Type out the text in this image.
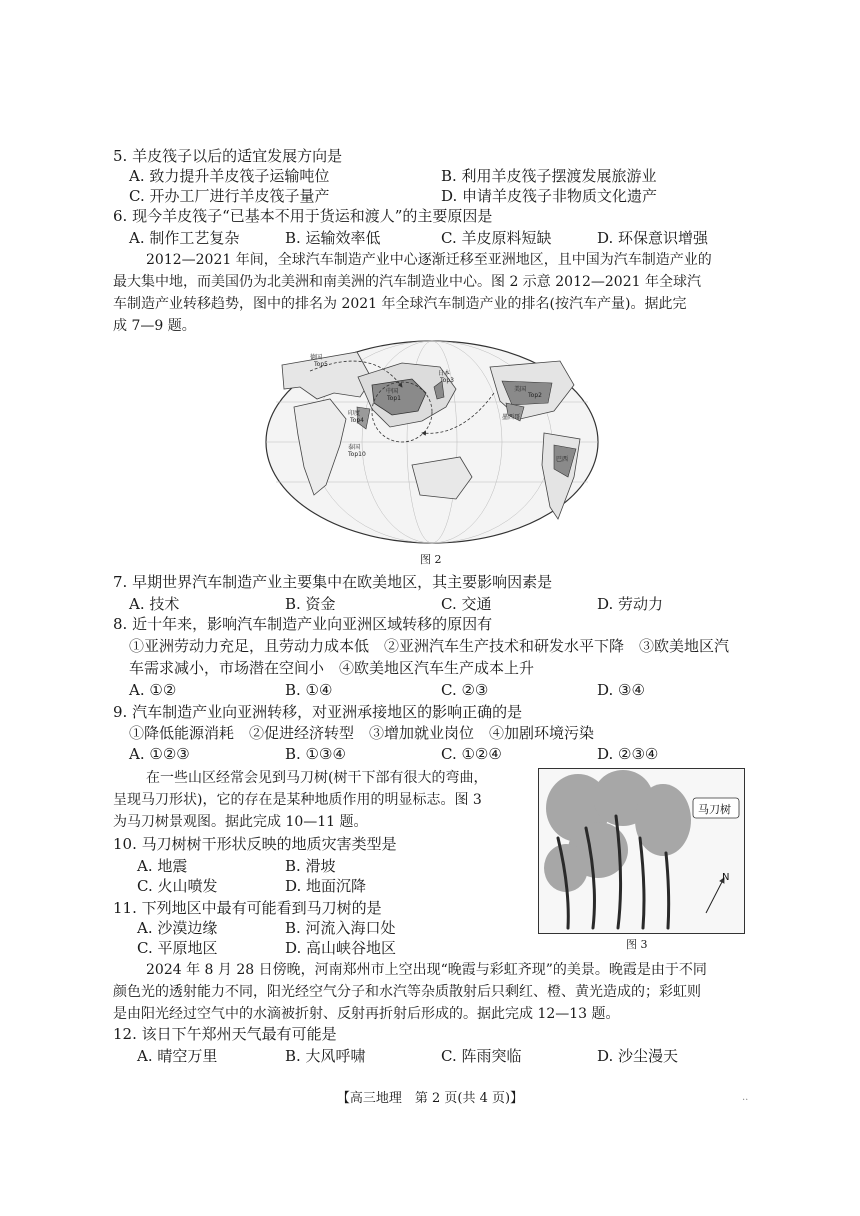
5. 羊皮筏子以后的适宜发展方向是
A. 致力提升羊皮筏子运输吨位	B. 利用羊皮筏子摆渡发展旅游业
C. 开办工厂进行羊皮筏子量产	D. 申请羊皮筏子非物质文化遗产
6. 现今羊皮筏子“已基本不用于货运和渡人”的主要原因是
A. 制作工艺复杂	B. 运输效率低	C. 羊皮原料短缺	D. 环保意识增强
2012—2021 年间，全球汽车制造产业中心逐渐迁移至亚洲地区，且中国为汽车制造产业的
最大集中地，而美国仍为北美洲和南美洲的汽车制造业中心。图 2 示意 2012—2021 年全球汽
车制造产业转移趋势，图中的排名为 2021 年全球汽车制造产业的排名(按汽车产量)。据此完
成 7—9 题。
德国
Top5
中国
Top1
日本
Top3
美国
Top2
印度
Top4
泰国
Top10
墨西哥
巴西
图 2
7. 早期世界汽车制造产业主要集中在欧美地区，其主要影响因素是
A. 技术	B. 资金	C. 交通	D. 劳动力
8. 近十年来，影响汽车制造产业向亚洲区域转移的原因有
①亚洲劳动力充足，且劳动力成本低　②亚洲汽车生产技术和研发水平下降　③欧美地区汽
车需求减小，市场潜在空间小　④欧美地区汽车生产成本上升
A. ①②	B. ①④	C. ②③	D. ③④
9. 汽车制造产业向亚洲转移，对亚洲承接地区的影响正确的是
①降低能源消耗　②促进经济转型　③增加就业岗位　④加剧环境污染
A. ①②③	B. ①③④	C. ①②④	D. ②③④
在一些山区经常会见到马刀树(树干下部有很大的弯曲，
呈现马刀形状)，它的存在是某种地质作用的明显标志。图 3
为马刀树景观图。据此完成 10—11 题。
马刀树
N
图 3
10. 马刀树树干形状反映的地质灾害类型是
A. 地震	B. 滑坡
C. 火山喷发	D. 地面沉降
11. 下列地区中最有可能看到马刀树的是
A. 沙漠边缘	B. 河流入海口处
C. 平原地区	D. 高山峡谷地区
2024 年 8 月 28 日傍晚，河南郑州市上空出现“晚霞与彩虹齐现”的美景。晚霞是由于不同
颜色光的透射能力不同，阳光经空气分子和水汽等杂质散射后只剩红、橙、黄光造成的；彩虹则
是由阳光经过空气中的水滴被折射、反射再折射后形成的。据此完成 12—13 题。
12. 该日下午郑州天气最有可能是
A. 晴空万里	B. 大风呼啸	C. 阵雨突临	D. 沙尘漫天
【高三地理　第 2 页(共 4 页)】	..
